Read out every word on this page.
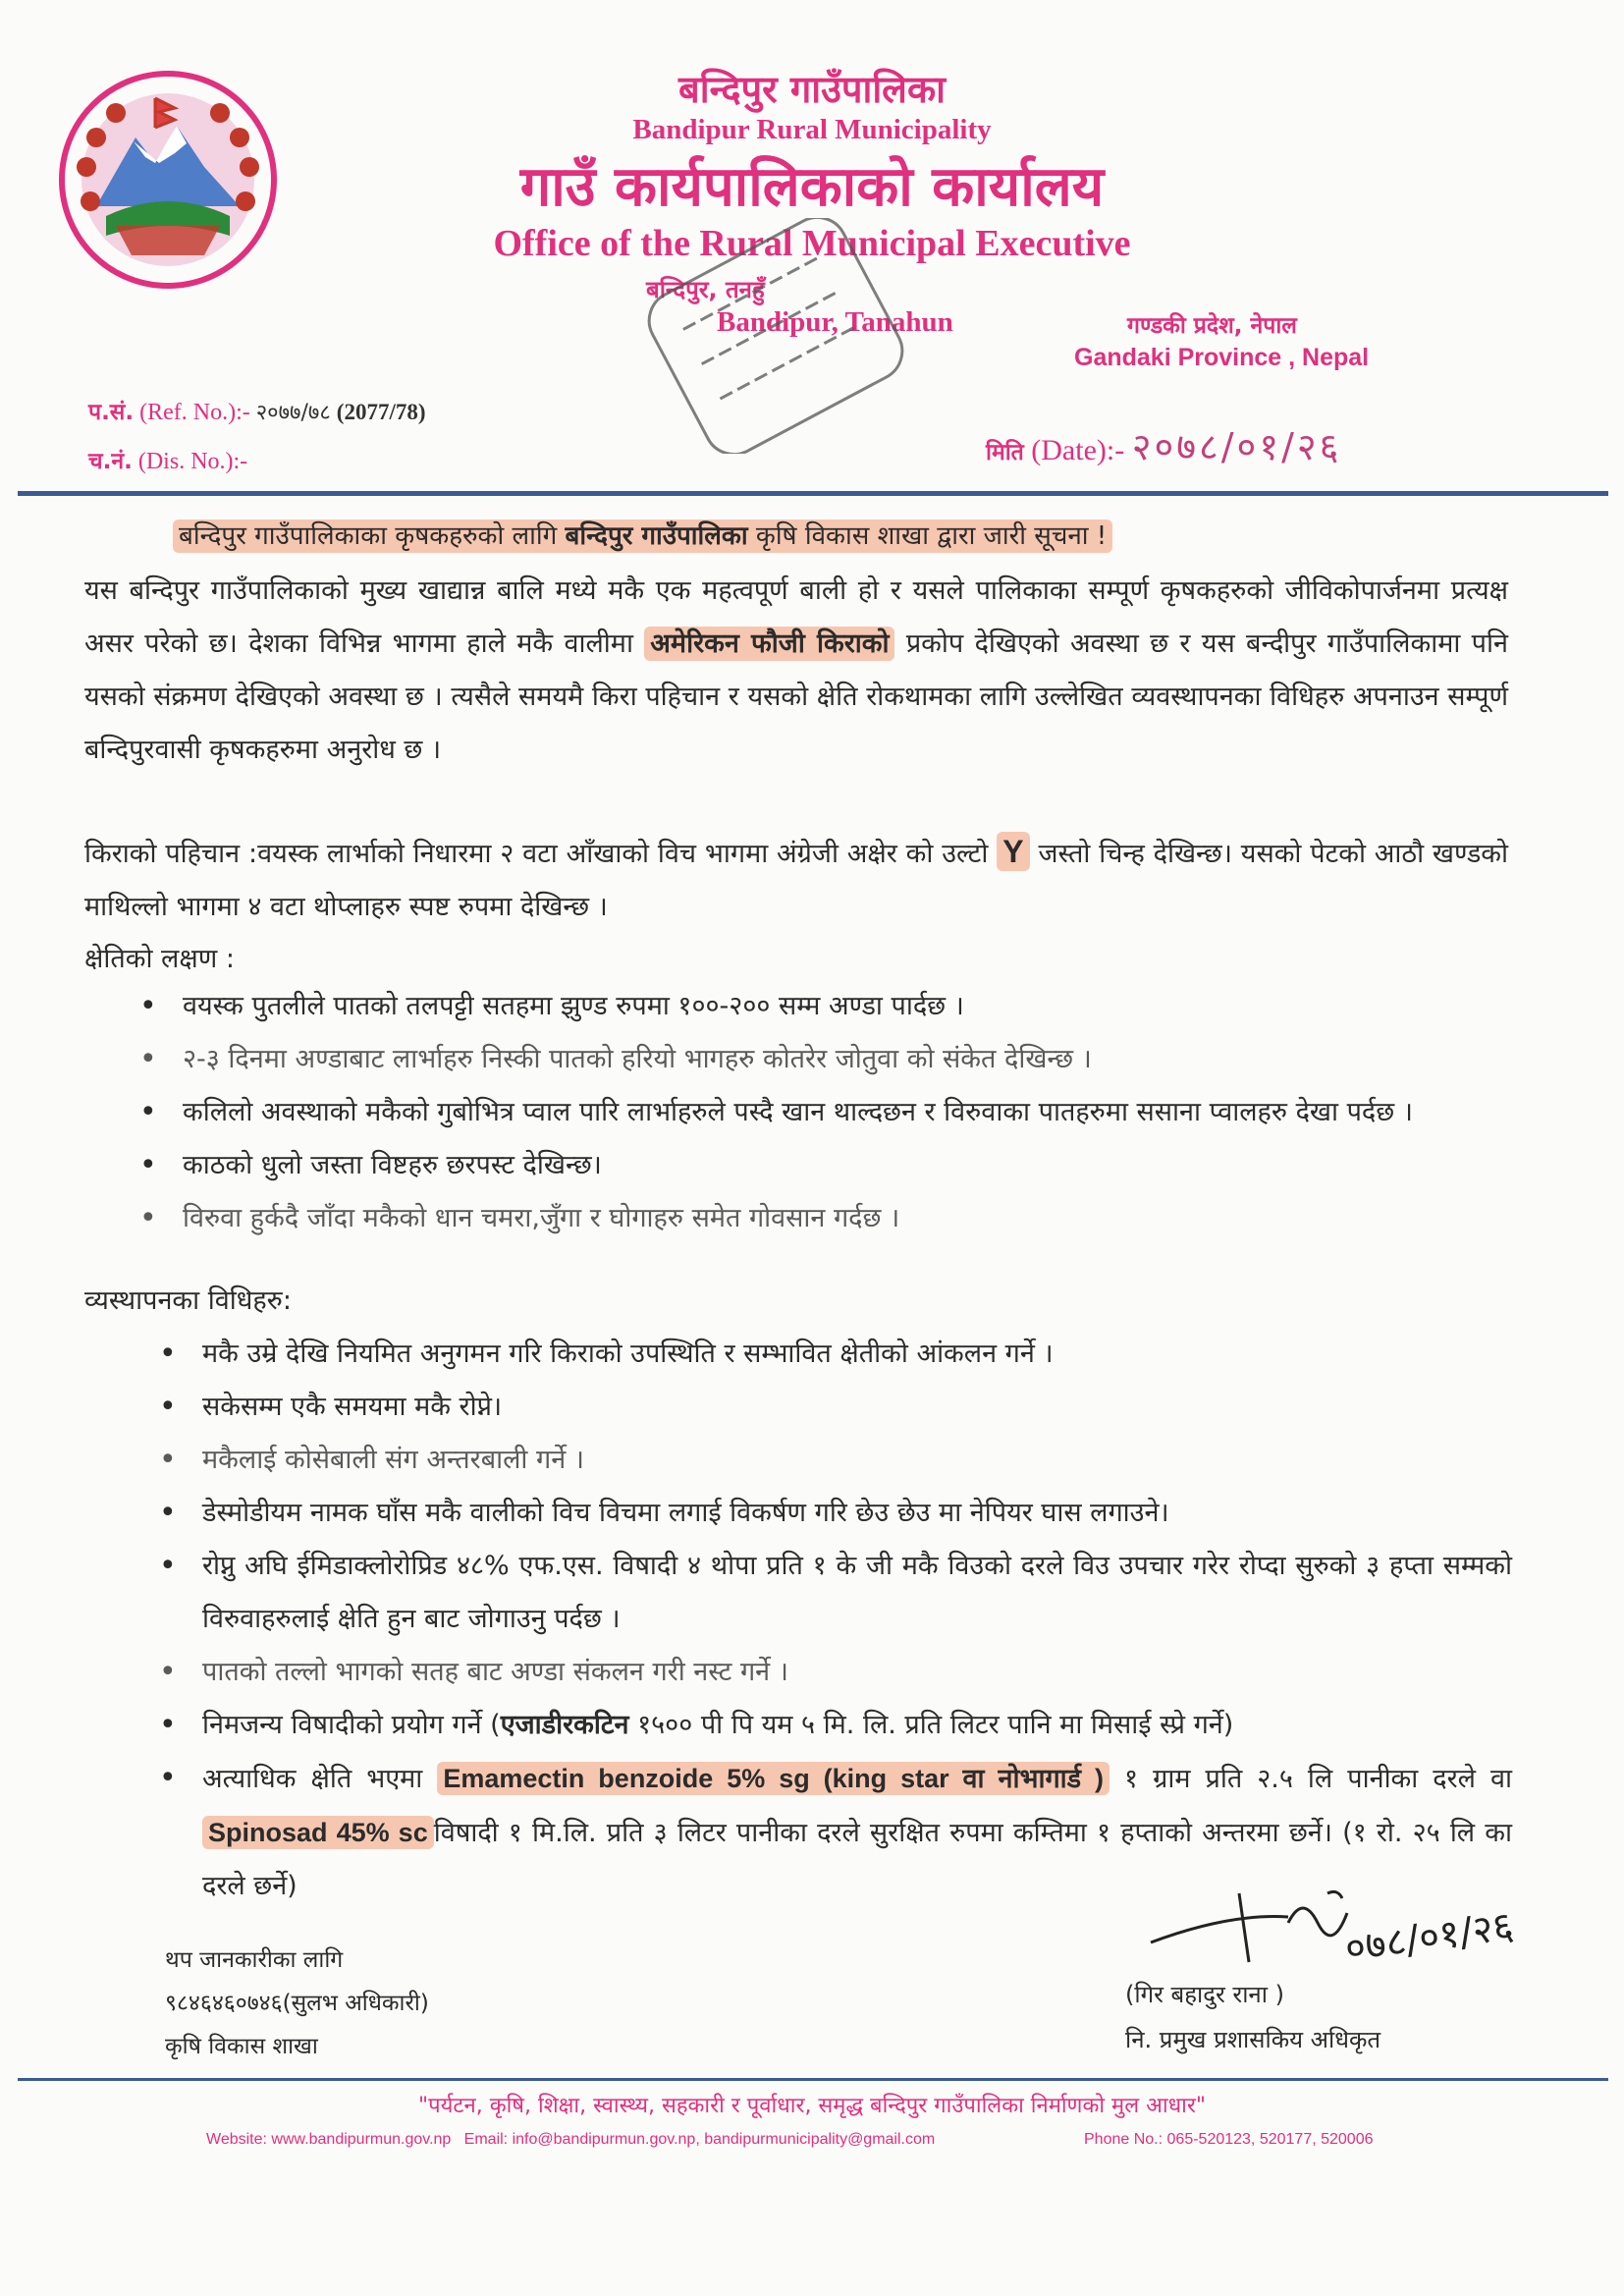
बन्दिपुर गाउँपालिका
Bandipur Rural Municipality
गाउँ कार्यपालिकाको कार्यालय
Office of the Rural Municipal Executive
बन्दिपुर, तनहुँ
Bandipur, Tanahun	गण्डकी प्रदेश, नेपाल
Gandaki Province , Nepal
प.सं. (Ref. No.):- २०७७/७८ (2077/78)
च.नं. (Dis. No.):-	मिति (Date):- २०७८/०१/२६
बन्दिपुर गाउँपालिकाका कृषकहरुको लागि बन्दिपुर गाउँपालिका कृषि विकास शाखा द्वारा जारी सूचना !
यस बन्दिपुर गाउँपालिकाको मुख्य खाद्यान्न बालि मध्ये मकै एक महत्वपूर्ण बाली हो र यसले पालिकाका सम्पूर्ण कृषकहरुको जीविकोपार्जनमा प्रत्यक्ष असर परेको छ। देशका विभिन्न भागमा हाले मकै वालीमा अमेरिकन फौजी किराको प्रकोप देखिएको अवस्था छ र यस बन्दीपुर गाउँपालिकामा पनि यसको संक्रमण देखिएको अवस्था छ । त्यसैले समयमै किरा पहिचान र यसको क्षेति रोकथामका लागि उल्लेखित व्यवस्थापनका विधिहरु अपनाउन सम्पूर्ण बन्दिपुरवासी कृषकहरुमा अनुरोध छ ।
किराको पहिचान :वयस्क लार्भाको निधारमा २ वटा आँखाको विच भागमा अंग्रेजी अक्षेर को उल्टो Y जस्तो चिन्ह देखिन्छ। यसको पेटको आठौ खण्डको माथिल्लो भागमा ४ वटा थोप्लाहरु स्पष्ट रुपमा देखिन्छ ।
क्षेतिको लक्षण :
• वयस्क पुतलीले पातको तलपट्टी सतहमा झुण्ड रुपमा १००-२०० सम्म अण्डा पार्दछ ।
• २-३ दिनमा अण्डाबाट लार्भाहरु निस्की पातको हरियो भागहरु कोतरेर जोतुवा को संकेत देखिन्छ ।
• कलिलो अवस्थाको मकैको गुबोभित्र प्वाल पारि लार्भाहरुले पस्दै खान थाल्दछन र विरुवाका पातहरुमा ससाना प्वालहरु देखा पर्दछ ।
• काठको धुलो जस्ता विष्टहरु छरपस्ट देखिन्छ।
• विरुवा हुर्कदै जाँदा मकैको धान चमरा,जुँगा र घोगाहरु समेत गोवसान गर्दछ ।
व्यस्थापनका विधिहरु:
• मकै उम्रे देखि नियमित अनुगमन गरि किराको उपस्थिति र सम्भावित क्षेतीको आंकलन गर्ने ।
• सकेसम्म एकै समयमा मकै रोप्ने।
• मकैलाई कोसेबाली संग अन्तरबाली गर्ने ।
• डेस्मोडीयम नामक घाँस मकै वालीको विच विचमा लगाई विकर्षण गरि छेउ छेउ मा नेपियर घास लगाउने।
• रोप्नु अघि ईमिडाक्लोरोप्रिड ४८% एफ.एस. विषादी ४ थोपा प्रति १ के जी मकै विउको दरले विउ उपचार गरेर रोप्दा सुरुको ३ हप्ता सम्मको विरुवाहरुलाई क्षेति हुन बाट जोगाउनु पर्दछ ।
• पातको तल्लो भागको सतह बाट अण्डा संकलन गरी नस्ट गर्ने ।
• निमजन्य विषादीको प्रयोग गर्ने (एजाडीरकटिन १५०० पी पि यम ५ मि. लि. प्रति लिटर पानि मा मिसाई स्प्रे गर्ने)
• अत्याधिक क्षेति भएमा Emamectin benzoide 5% sg (king star वा नोभागार्ड ) १ ग्राम प्रति २.५ लि पानीका दरले वा Spinosad 45% sc विषादी १ मि.लि. प्रति ३ लिटर पानीका दरले सुरक्षित रुपमा कम्तिमा १ हप्ताको अन्तरमा छर्ने। (१ रो. २५ लि का दरले छर्ने)
थप जानकारीका लागि
९८४६४६०७४६(सुलभ अधिकारी)
कृषि विकास शाखा
०७८/०१/२६
(गिर बहादुर राना )
नि. प्रमुख प्रशासकिय अधिकृत
"पर्यटन, कृषि, शिक्षा, स्वास्थ्य, सहकारी र पूर्वाधार, समृद्ध बन्दिपुर गाउँपालिका निर्माणको मुल आधार"
Website: www.bandipurmun.gov.np Email: info@bandipurmun.gov.np, bandipurmunicipality@gmail.com	Phone No.: 065-520123, 520177, 520006
